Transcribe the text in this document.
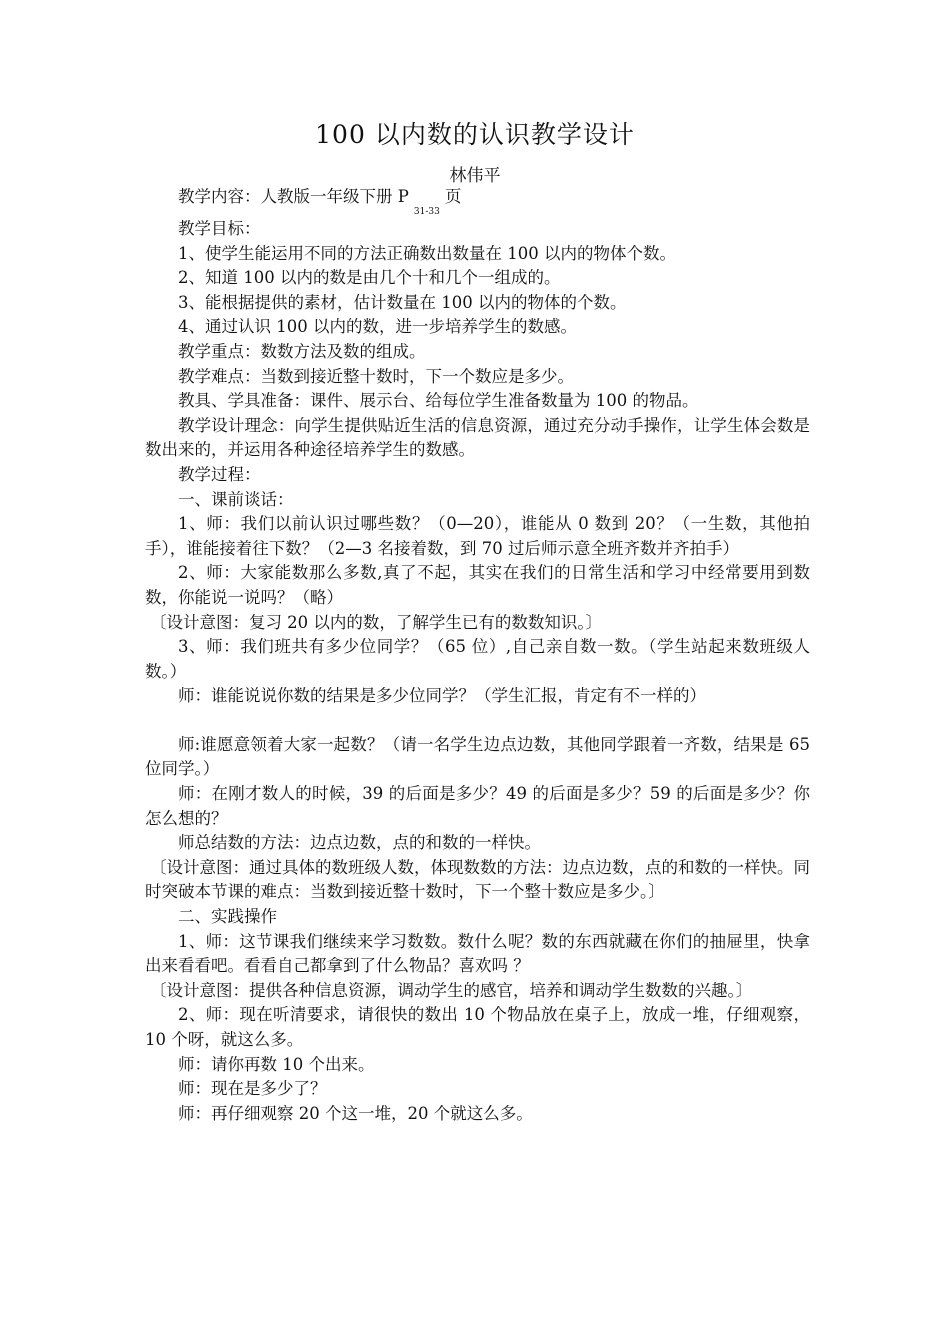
100 以内数的认识教学设计
林伟平

教学内容：人教版一年级下册 P31-33页

教学目标：

1、使学生能运用不同的方法正确数出数量在 100 以内的物体个数。

2、知道 100 以内的数是由几个十和几个一组成的。

3、能根据提供的素材，估计数量在 100 以内的物体的个数。

4、通过认识 100 以内的数，进一步培养学生的数感。

教学重点：数数方法及数的组成。

教学难点：当数到接近整十数时，下一个数应是多少。

教具、学具准备：课件、展示台、给每位学生准备数量为 100 的物品。

教学设计理念：向学生提供贴近生活的信息资源，通过充分动手操作，让学生体会数是数出来的，并运用各种途径培养学生的数感。

教学过程：

一、课前谈话：

1、师：我们以前认识过哪些数？（0—20），谁能从 0 数到 20？（一生数，其他拍手），谁能接着往下数？（2—3 名接着数，到 70 过后师示意全班齐数并齐拍手）

2、师：大家能数那么多数,真了不起，其实在我们的日常生活和学习中经常要用到数数，你能说一说吗？（略）

〔设计意图：复习 20 以内的数，了解学生已有的数数知识。〕

3、师：我们班共有多少位同学？（65 位）,自己亲自数一数。（学生站起来数班级人数。）

师：谁能说说你数的结果是多少位同学？（学生汇报，肯定有不一样的）

师:谁愿意领着大家一起数？（请一名学生边点边数，其他同学跟着一齐数，结果是 65 位同学。）

师：在刚才数人的时候，39 的后面是多少？49 的后面是多少？59 的后面是多少？你怎么想的？

师总结数的方法：边点边数，点的和数的一样快。

〔设计意图：通过具体的数班级人数，体现数数的方法：边点边数，点的和数的一样快。同时突破本节课的难点：当数到接近整十数时，下一个整十数应是多少。〕

二、实践操作

1、师：这节课我们继续来学习数数。数什么呢？数的东西就藏在你们的抽屉里，快拿出来看看吧。看看自己都拿到了什么物品？喜欢吗 ？

〔设计意图：提供各种信息资源，调动学生的感官，培养和调动学生数数的兴趣。〕

2、师：现在听清要求，请很快的数出 10 个物品放在桌子上，放成一堆，仔细观察，10 个呀，就这么多。

师：请你再数 10 个出来。

师：现在是多少了？

师：再仔细观察 20 个这一堆，20 个就这么多。
